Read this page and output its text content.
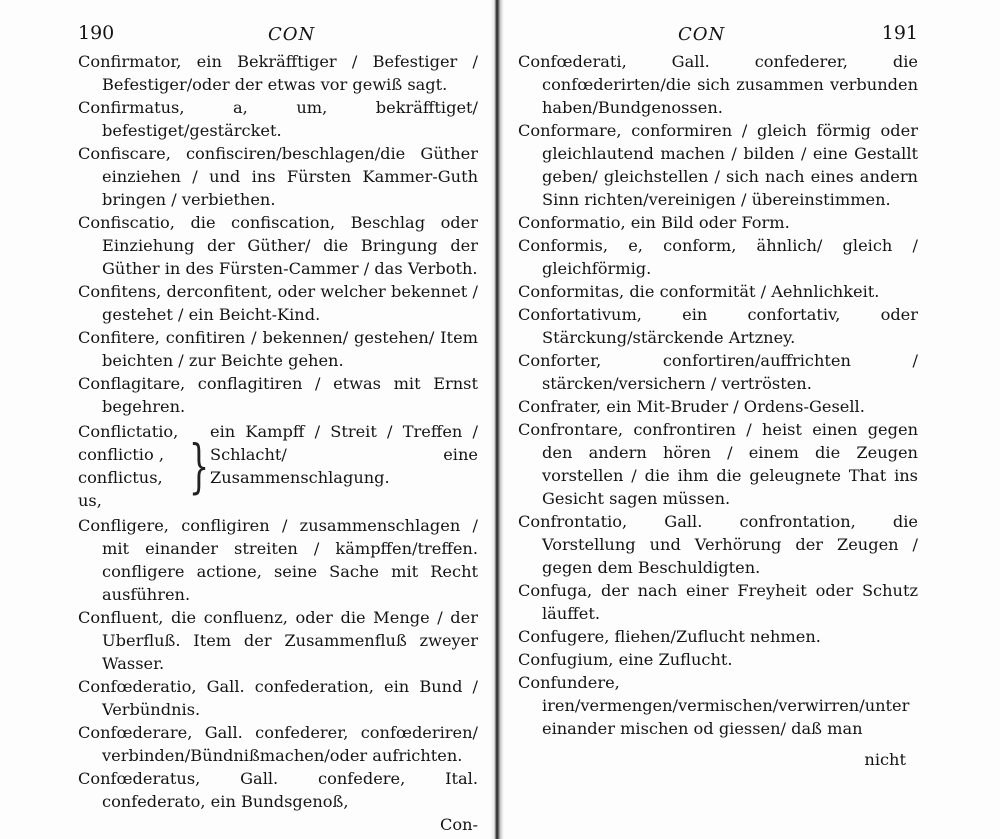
190	CON

Confirmator, ein Bekräfftiger / Befestiger / Befestiger/oder der etwas vor gewiß sagt.

Confirmatus, a, um, bekräfftiget/ befestiget/gestärcket.

Confiscare, confisciren/beschlagen/die Güther einziehen / und ins Fürsten Kammer-Guth bringen / verbiethen.

Confiscatio, die confiscation, Beschlag oder Einziehung der Güther/ die Bringung der Güther in des Fürsten-Cammer / das Verboth.

Confitens, derconfitent, oder welcher bekennet / gestehet / ein Beicht-Kind.

Confitere, confitiren / bekennen/ gestehen/ Item beichten / zur Beichte gehen.

Conflagitare, conflagitiren / etwas mit Ernst begehren.

Conflictatio,
conflictio ,
conflictus, us,
}
ein Kampff / Streit / Treffen / Schlacht/ eine Zusammenschlagung.

Confligere, confligiren / zusammenschlagen / mit einander streiten / kämpffen/treffen. confligere actione, seine Sache mit Recht ausführen.

Confluent, die confluenz, oder die Menge / der Uberfluß. Item der Zusammenfluß zweyer Wasser.

Confœderatio, Gall. confederation, ein Bund / Verbündnis.

Confœderare, Gall. confederer, confœderiren/ verbinden/Bündnißmachen/oder aufrichten.

Confœderatus, Gall. confedere, Ital. confederato, ein Bundsgenoß,

Con-
CON	191

Confœderati, Gall. confederer, die confœderirten/die sich zusammen verbunden haben/Bundgenossen.

Conformare, conformiren / gleich förmig oder gleichlautend machen / bilden / eine Gestallt geben/ gleichstellen / sich nach eines andern Sinn richten/vereinigen / übereinstimmen.

Conformatio, ein Bild oder Form.

Conformis, e, conform, ähnlich/ gleich / gleichförmig.

Conformitas, die conformität / Aehnlichkeit.

Confortativum, ein confortativ, oder Stärckung/stärckende Artzney.

Conforter, confortiren/auffrichten / stärcken/versichern / vertrösten.

Confrater, ein Mit-Bruder / Ordens-Gesell.

Confrontare, confrontiren / heist einen gegen den andern hören / einem die Zeugen vorstellen / die ihm die geleugnete That ins Gesicht sagen müssen.

Confrontatio, Gall. confrontation, die Vorstellung und Verhörung der Zeugen / gegen dem Beschuldigten.

Confuga, der nach einer Freyheit oder Schutz läuffet.

Confugere, fliehen/Zuflucht nehmen.

Confugium, eine Zuflucht.

Confundere, iren/vermengen/vermischen/verwirren/unter einander mischen od giessen/ daß man

nicht
